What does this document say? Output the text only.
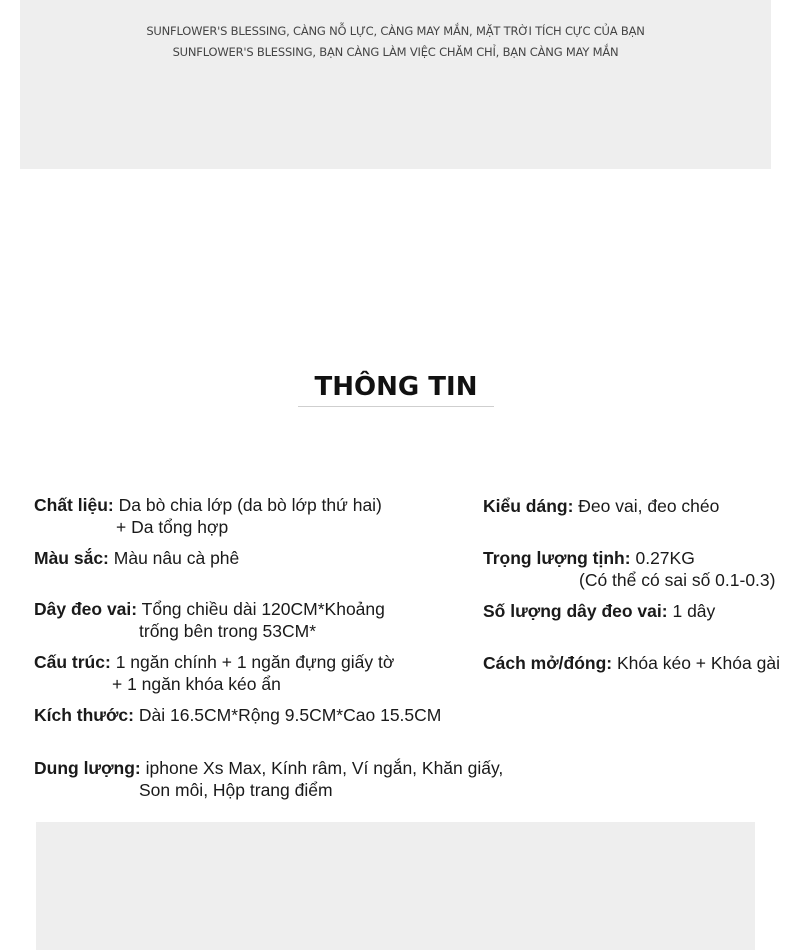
SUNFLOWER'S BLESSING, CÀNG NỖ LỰC, CÀNG MAY MẮN, MẶT TRỜI TÍCH CỰC CỦA BẠN
SUNFLOWER'S BLESSING, BẠN CÀNG LÀM VIỆC CHĂM CHỈ, BẠN CÀNG MAY MẮN
THÔNG TIN
Chất liệu: Da bò chia lớp (da bò lớp thứ hai)
+ Da tổng hợp
Màu sắc: Màu nâu cà phê
Dây đeo vai: Tổng chiều dài 120CM*Khoảng
trống bên trong 53CM*
Cấu trúc: 1 ngăn chính + 1 ngăn đựng giấy tờ
+ 1 ngăn khóa kéo ẩn
Kích thước: Dài 16.5CM*Rộng 9.5CM*Cao 15.5CM
Dung lượng: iphone Xs Max, Kính râm, Ví ngắn, Khăn giấy,
Son môi, Hộp trang điểm
Kiểu dáng: Đeo vai, đeo chéo
Trọng lượng tịnh: 0.27KG
(Có thể có sai số 0.1-0.3)
Số lượng dây đeo vai: 1 dây
Cách mở/đóng: Khóa kéo + Khóa gài
